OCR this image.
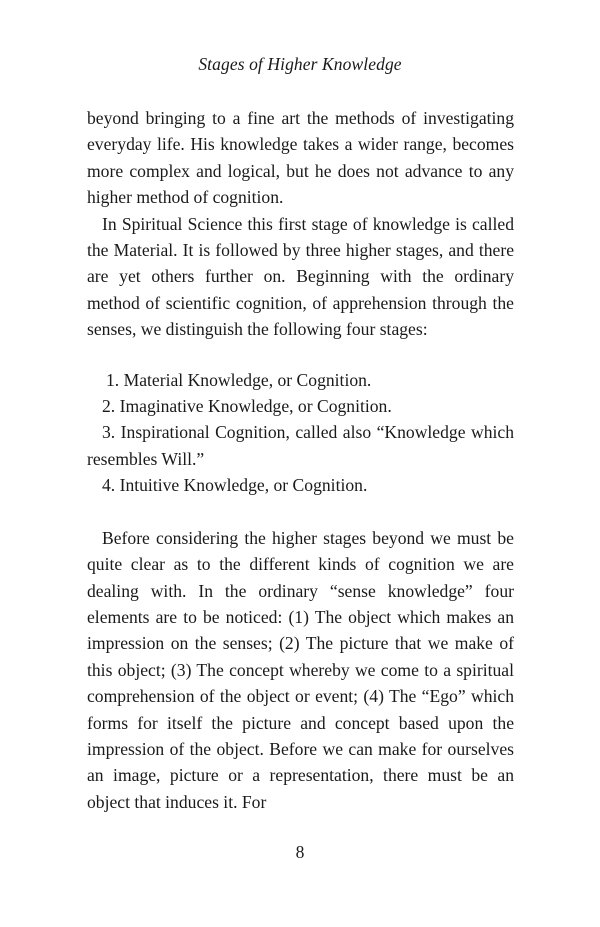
Stages of Higher Knowledge

beyond bringing to a fine art the methods of investigating everyday life. His knowledge takes a wider range, becomes more complex and logical, but he does not advance to any higher method of cognition.

In Spiritual Science this first stage of knowledge is called the Material. It is followed by three higher stages, and there are yet others further on. Beginning with the ordinary method of scientific cognition, of apprehension through the senses, we distinguish the following four stages:

1. Material Knowledge, or Cognition.

2. Imaginative Knowledge, or Cognition.

3. Inspirational Cognition, called also “Knowledge which resembles Will.”

4. Intuitive Knowledge, or Cognition.

Before considering the higher stages beyond we must be quite clear as to the different kinds of cognition we are dealing with. In the ordinary “sense knowledge” four elements are to be noticed: (1) The object which makes an impression on the senses; (2) The picture that we make of this object; (3) The concept whereby we come to a spiritual comprehension of the object or event; (4) The “Ego” which forms for itself the picture and concept based upon the impression of the object. Before we can make for ourselves an image, picture or a representation, there must be an object that induces it. For

8
